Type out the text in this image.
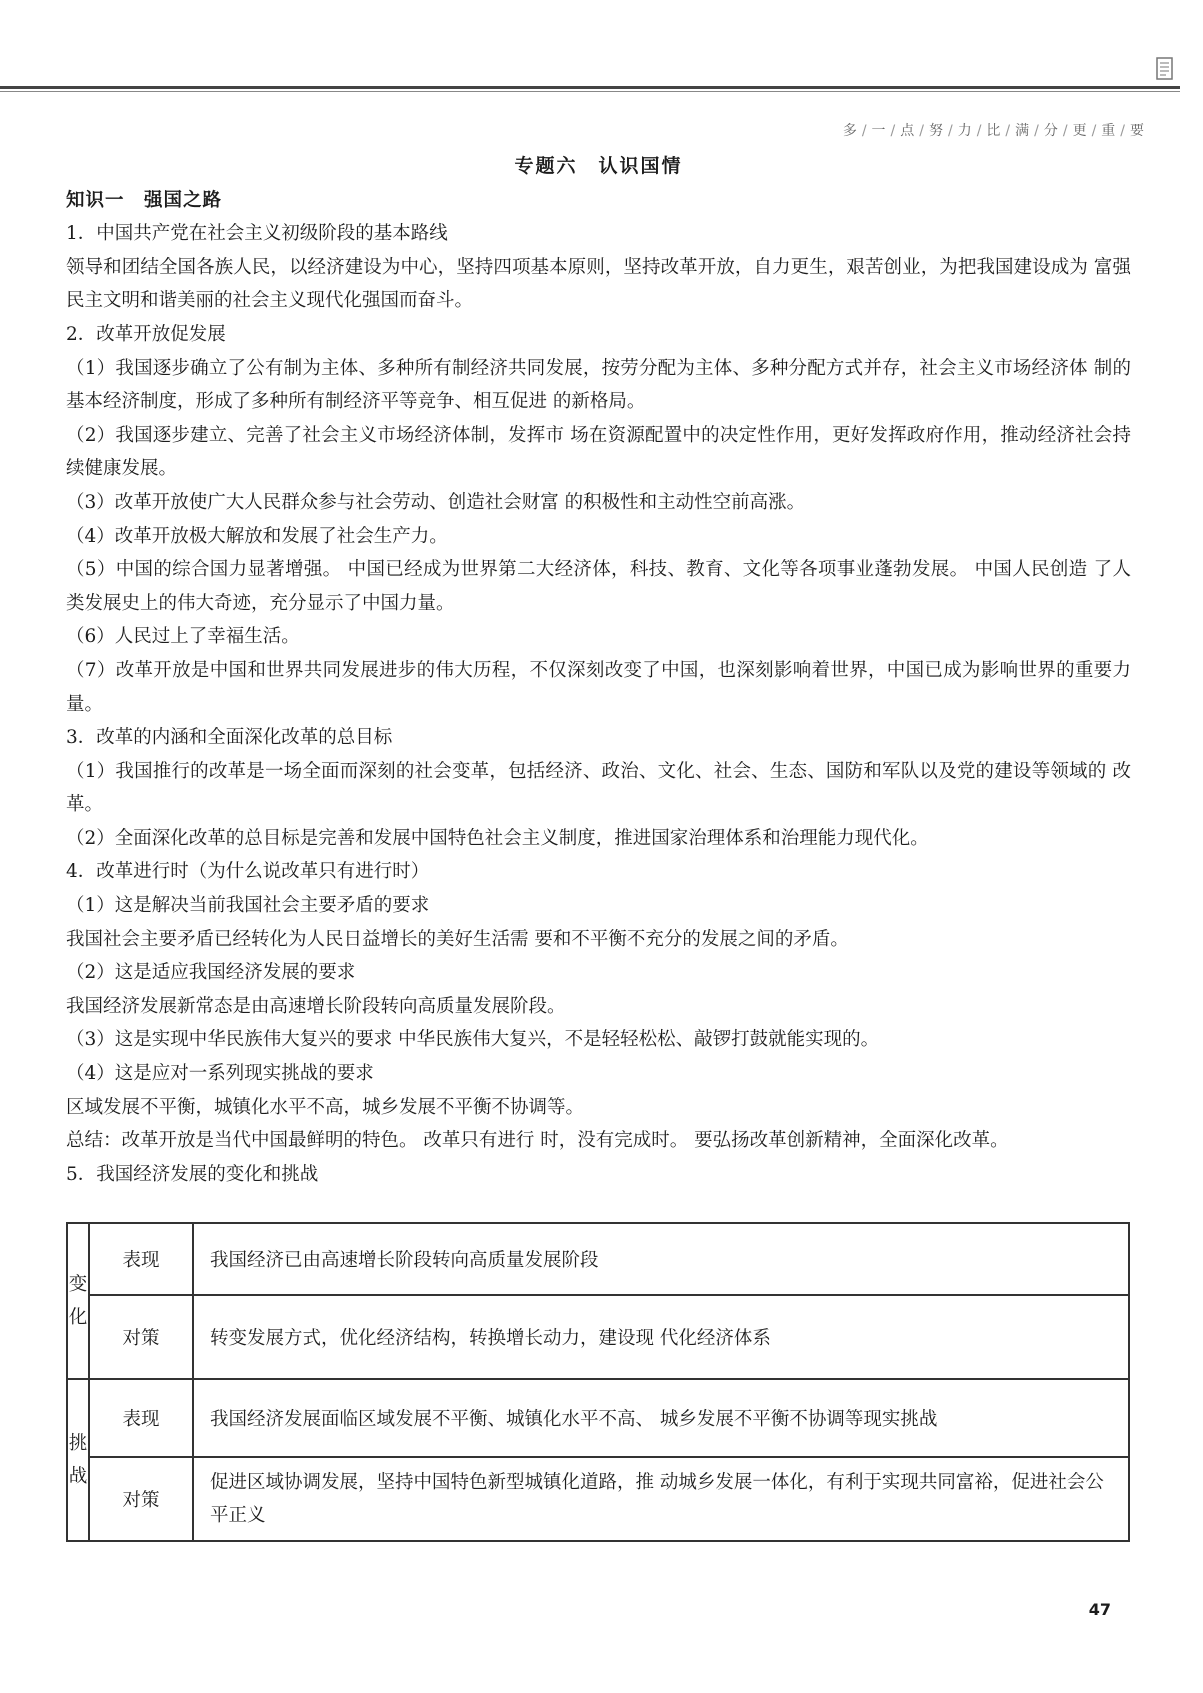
多 / 一 / 点 / 努 / 力 / 比 / 满 / 分 / 更 / 重 / 要
专题六　认识国情
知识一　强国之路

1．中国共产党在社会主义初级阶段的基本路线

领导和团结全国各族人民，以经济建设为中心，坚持四项基本原则，坚持改革开放，自力更生，艰苦创业，为把我国建设成为 富强民主文明和谐美丽的社会主义现代化强国而奋斗。

2．改革开放促发展

（1）我国逐步确立了公有制为主体、多种所有制经济共同发展，按劳分配为主体、多种分配方式并存，社会主义市场经济体 制的基本经济制度，形成了多种所有制经济平等竞争、相互促进 的新格局。

（2）我国逐步建立、完善了社会主义市场经济体制，发挥市 场在资源配置中的决定性作用，更好发挥政府作用，推动经济社会持续健康发展。

（3）改革开放使广大人民群众参与社会劳动、创造社会财富 的积极性和主动性空前高涨。

（4）改革开放极大解放和发展了社会生产力。

（5）中国的综合国力显著增强。 中国已经成为世界第二大经济体，科技、教育、文化等各项事业蓬勃发展。 中国人民创造 了人类发展史上的伟大奇迹，充分显示了中国力量。

（6）人民过上了幸福生活。

（7）改革开放是中国和世界共同发展进步的伟大历程，不仅深刻改变了中国，也深刻影响着世界，中国已成为影响世界的重要力量。

3．改革的内涵和全面深化改革的总目标

（1）我国推行的改革是一场全面而深刻的社会变革，包括经济、政治、文化、社会、生态、国防和军队以及党的建设等领域的 改革。

（2）全面深化改革的总目标是完善和发展中国特色社会主义制度，推进国家治理体系和治理能力现代化。

4．改革进行时（为什么说改革只有进行时）

（1）这是解决当前我国社会主要矛盾的要求

我国社会主要矛盾已经转化为人民日益增长的美好生活需 要和不平衡不充分的发展之间的矛盾。

（2）这是适应我国经济发展的要求

我国经济发展新常态是由高速增长阶段转向高质量发展阶段。

（3）这是实现中华民族伟大复兴的要求 中华民族伟大复兴，不是轻轻松松、敲锣打鼓就能实现的。

（4）这是应对一系列现实挑战的要求

区域发展不平衡，城镇化水平不高，城乡发展不平衡不协调等。

总结：改革开放是当代中国最鲜明的特色。 改革只有进行 时，没有完成时。 要弘扬改革创新精神，全面深化改革。

5．我国经济发展的变化和挑战

变化	表现	我国经济已由高速增长阶段转向高质量发展阶段
	对策	转变发展方式，优化经济结构，转换增长动力，建设现 代化经济体系
挑战	表现	我国经济发展面临区域发展不平衡、城镇化水平不高、 城乡发展不平衡不协调等现实挑战
	对策	促进区域协调发展，坚持中国特色新型城镇化道路，推 动城乡发展一体化，有利于实现共同富裕，促进社会公平正义
47
